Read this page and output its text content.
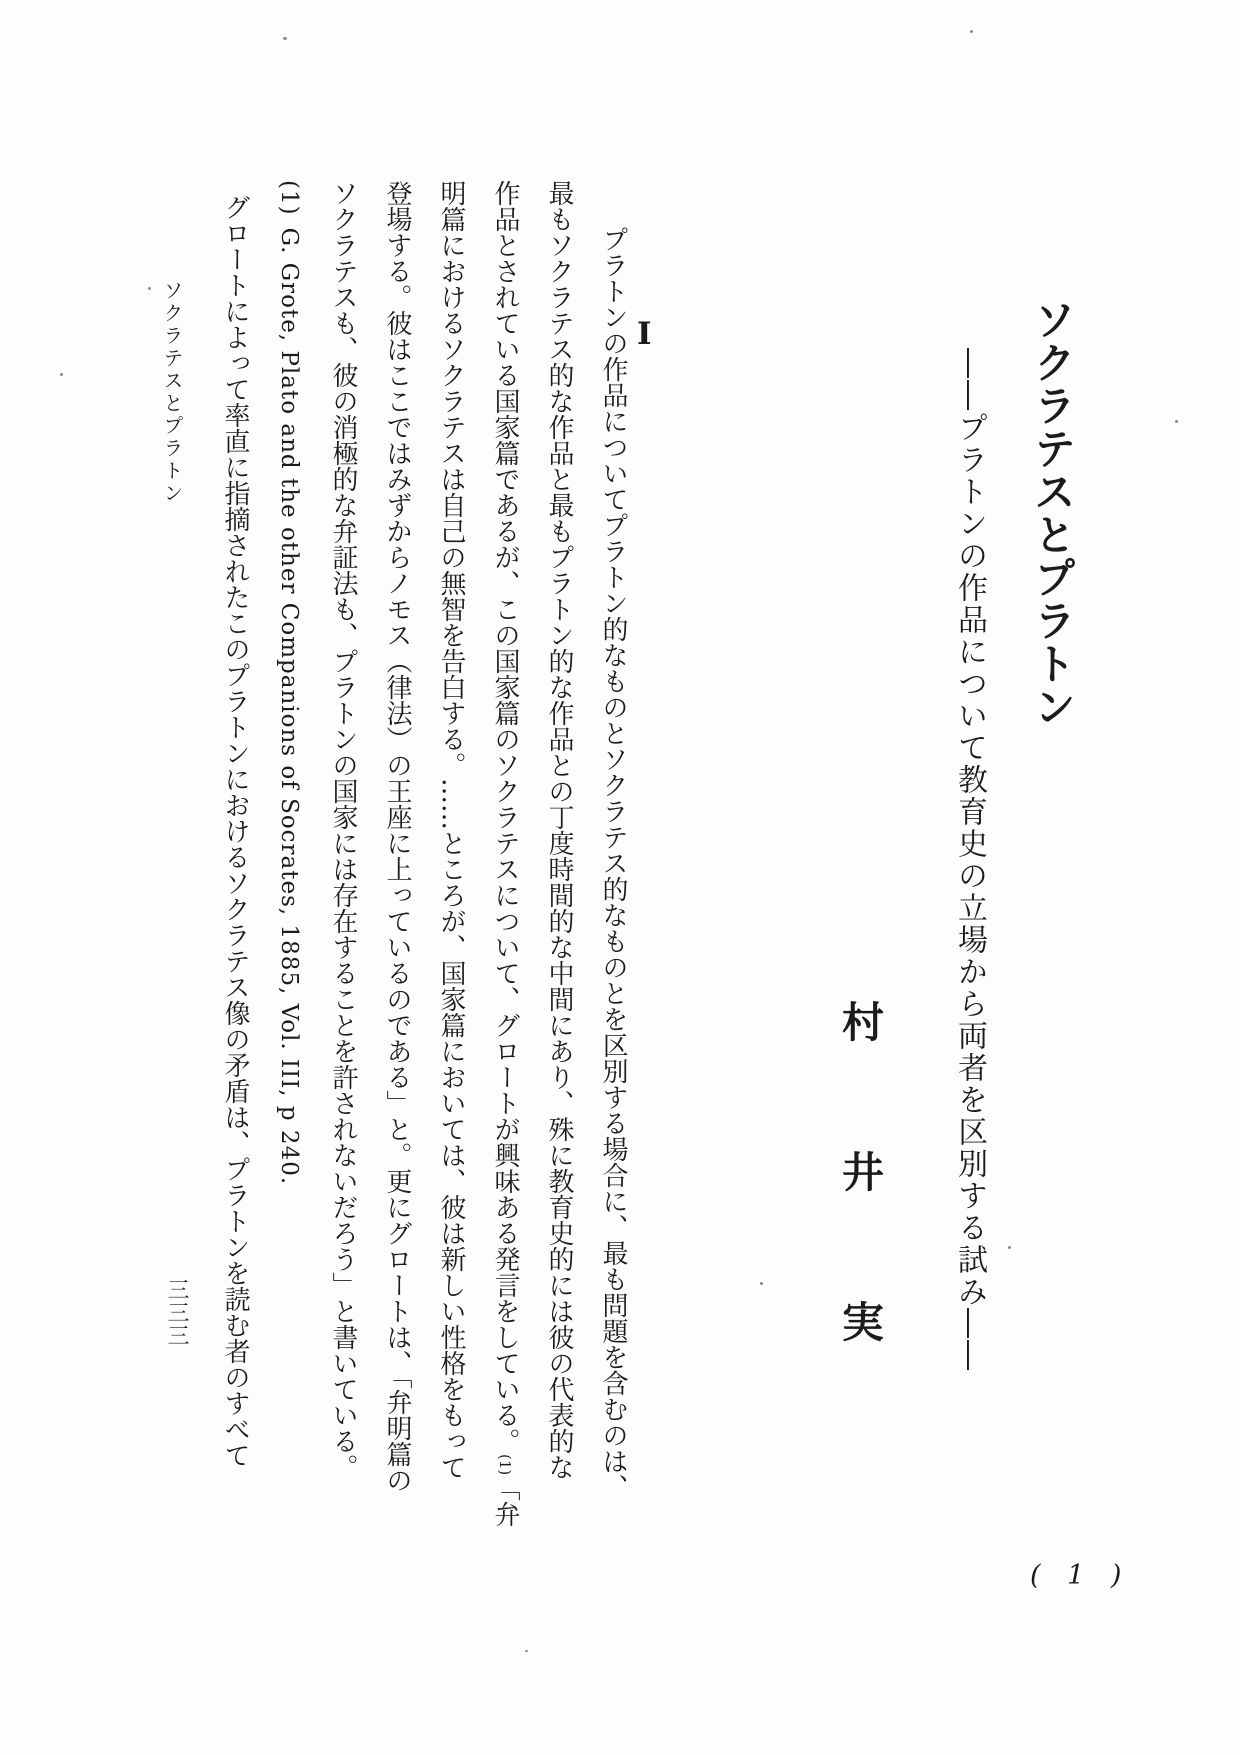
ソクラテスとプラトン
――プラトンの作品について教育史の立場から両者を区別する試み――
村
井
実
I
プラトンの作品についてプラトン的なものとソクラテス的なものとを区別する場合に、最も問題を含むのは、
最もソクラテス的な作品と最もプラトン的な作品との丁度時間的な中間にあり、殊に教育史的には彼の代表的な
作品とされている国家篇であるが、この国家篇のソクラテスについて、グロートが興味ある発言をしている。(1)「弁
明篇におけるソクラテスは自己の無智を告白する。……ところが、国家篇においては、彼は新しい性格をもって
登場する。彼はここではみずからノモス（律法）の王座に上っているのである」と。更にグロートは、「弁明篇の
ソクラテスも、彼の消極的な弁証法も、プラトンの国家には存在することを許されないだろう」と書いている。
(1)G. Grote, Plato and the other Companions of Socrates, 1885, Vol. III, p 240.
グロートによって率直に指摘されたこのプラトンにおけるソクラテス像の矛盾は、プラトンを読む者のすべて
ソクラテスとプラトン
三三三
( 1 )
